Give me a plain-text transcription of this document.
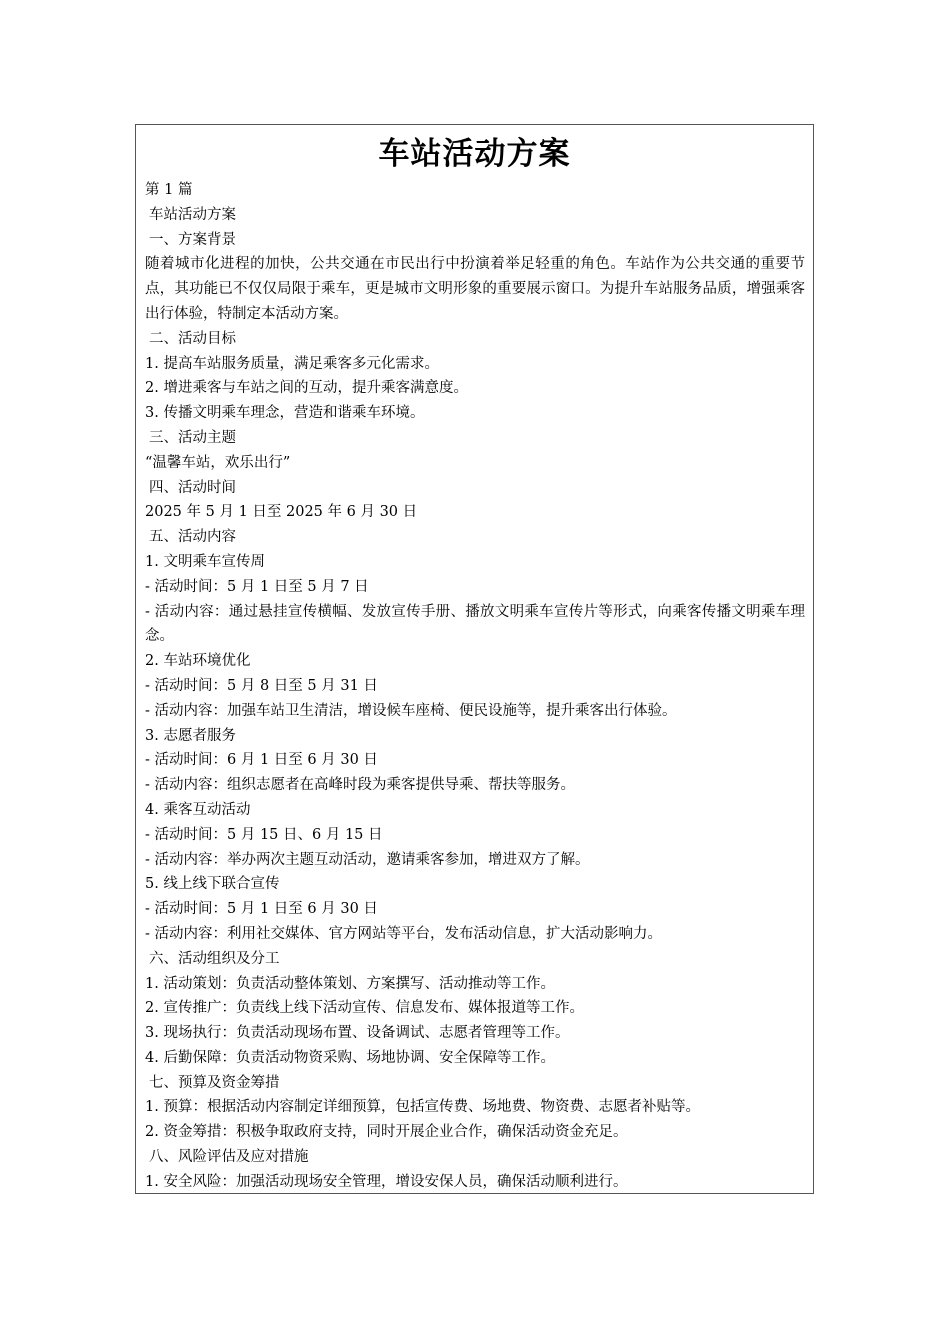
车站活动方案
第 1 篇
车站活动方案
一、方案背景
随着城市化进程的加快，公共交通在市民出行中扮演着举足轻重的角色。车站作为公共交通的重要节点，其功能已不仅仅局限于乘车，更是城市文明形象的重要展示窗口。为提升车站服务品质，增强乘客出行体验，特制定本活动方案。
二、活动目标
1. 提高车站服务质量，满足乘客多元化需求。
2. 增进乘客与车站之间的互动，提升乘客满意度。
3. 传播文明乘车理念，营造和谐乘车环境。
三、活动主题
“温馨车站，欢乐出行”
四、活动时间
2025 年 5 月 1 日至 2025 年 6 月 30 日
五、活动内容
1. 文明乘车宣传周
- 活动时间：5 月 1 日至 5 月 7 日
- 活动内容：通过悬挂宣传横幅、发放宣传手册、播放文明乘车宣传片等形式，向乘客传播文明乘车理念。
2. 车站环境优化
- 活动时间：5 月 8 日至 5 月 31 日
- 活动内容：加强车站卫生清洁，增设候车座椅、便民设施等，提升乘客出行体验。
3. 志愿者服务
- 活动时间：6 月 1 日至 6 月 30 日
- 活动内容：组织志愿者在高峰时段为乘客提供导乘、帮扶等服务。
4. 乘客互动活动
- 活动时间：5 月 15 日、6 月 15 日
- 活动内容：举办两次主题互动活动，邀请乘客参加，增进双方了解。
5. 线上线下联合宣传
- 活动时间：5 月 1 日至 6 月 30 日
- 活动内容：利用社交媒体、官方网站等平台，发布活动信息，扩大活动影响力。
六、活动组织及分工
1. 活动策划：负责活动整体策划、方案撰写、活动推动等工作。
2. 宣传推广：负责线上线下活动宣传、信息发布、媒体报道等工作。
3. 现场执行：负责活动现场布置、设备调试、志愿者管理等工作。
4. 后勤保障：负责活动物资采购、场地协调、安全保障等工作。
七、预算及资金筹措
1. 预算：根据活动内容制定详细预算，包括宣传费、场地费、物资费、志愿者补贴等。
2. 资金筹措：积极争取政府支持，同时开展企业合作，确保活动资金充足。
八、风险评估及应对措施
1. 安全风险：加强活动现场安全管理，增设安保人员，确保活动顺利进行。
